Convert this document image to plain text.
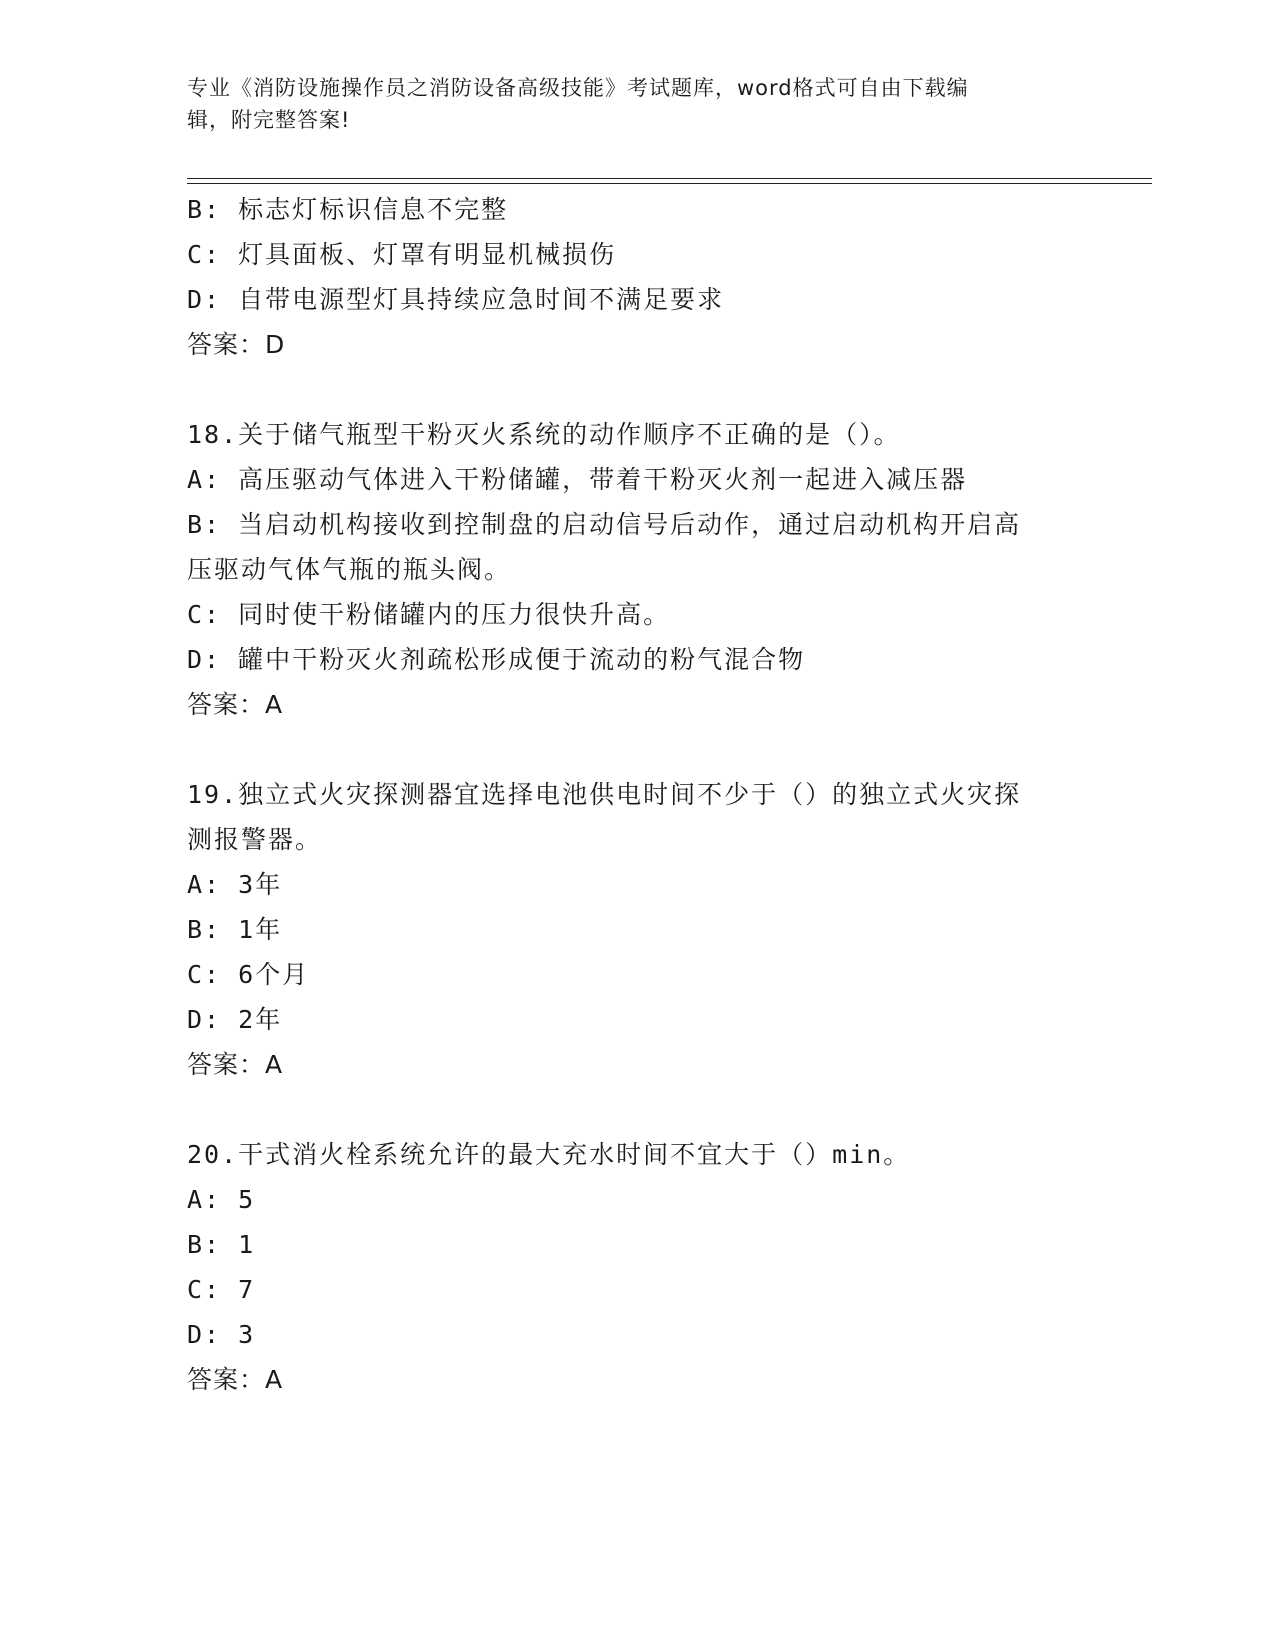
专业《消防设施操作员之消防设备高级技能》考试题库，word格式可自由下载编
辑，附完整答案!
B: 标志灯标识信息不完整
C: 灯具面板、灯罩有明显机械损伤
D: 自带电源型灯具持续应急时间不满足要求
答案：D
18.关于储气瓶型干粉灭火系统的动作顺序不正确的是（）。
A: 高压驱动气体进入干粉储罐，带着干粉灭火剂一起进入减压器
B: 当启动机构接收到控制盘的启动信号后动作，通过启动机构开启高
压驱动气体气瓶的瓶头阀。
C: 同时使干粉储罐内的压力很快升高。
D: 罐中干粉灭火剂疏松形成便于流动的粉气混合物
答案：A
19.独立式火灾探测器宜选择电池供电时间不少于（）的独立式火灾探
测报警器。
A: 3年
B: 1年
C: 6个月
D: 2年
答案：A
20.干式消火栓系统允许的最大充水时间不宜大于（）min。
A: 5
B: 1
C: 7
D: 3
答案：A
